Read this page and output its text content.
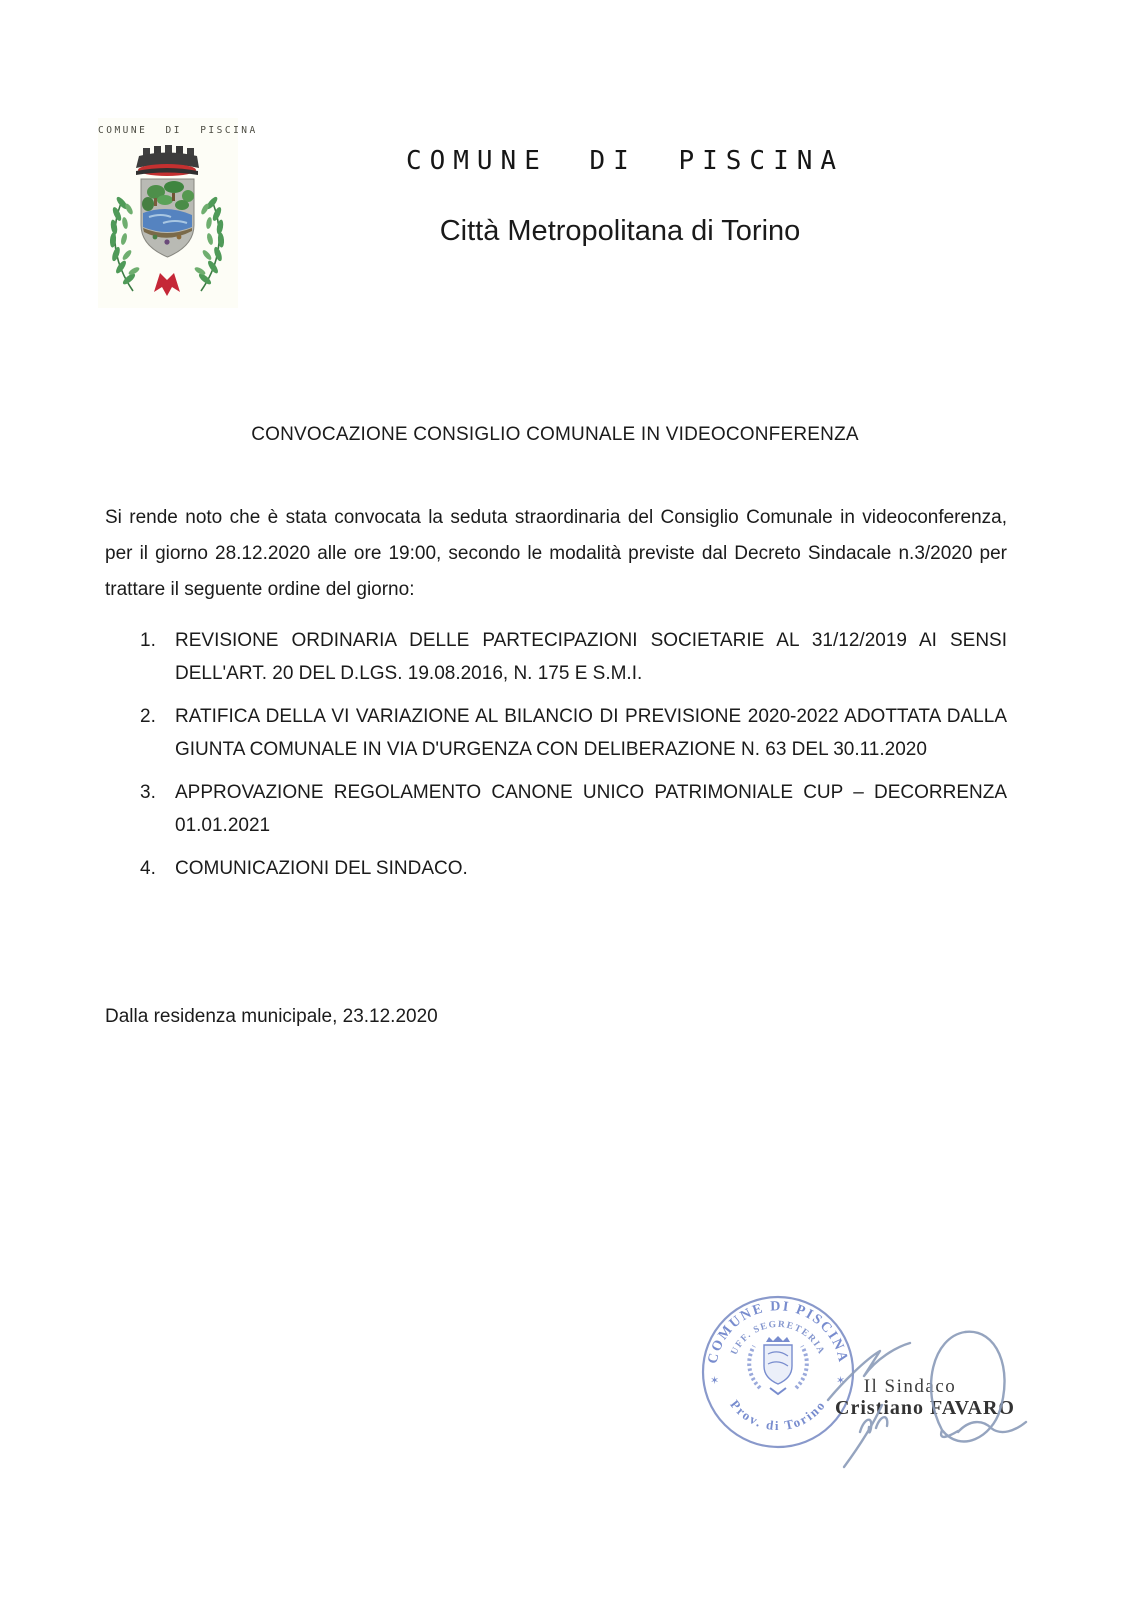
COMUNE DI PISCINA
COMUNE DI PISCINA
Città Metropolitana di Torino
CONVOCAZIONE CONSIGLIO COMUNALE IN VIDEOCONFERENZA
Si rende noto che è stata convocata la seduta straordinaria del Consiglio Comunale in videoconferenza, per il giorno 28.12.2020 alle ore 19:00, secondo le modalità previste dal Decreto Sindacale n.3/2020 per trattare il seguente ordine del giorno:
1.	REVISIONE ORDINARIA DELLE PARTECIPAZIONI SOCIETARIE AL 31/12/2019 AI SENSI DELL'ART. 20 DEL D.LGS. 19.08.2016, N. 175 E S.M.I.
2.	RATIFICA DELLA VI VARIAZIONE AL BILANCIO DI PREVISIONE 2020-2022 ADOTTATA DALLA GIUNTA COMUNALE IN VIA D'URGENZA CON DELIBERAZIONE N. 63 DEL 30.11.2020
3.	APPROVAZIONE REGOLAMENTO CANONE UNICO PATRIMONIALE CUP – DECORRENZA 01.01.2021
4.	COMUNICAZIONI DEL SINDACO.
Dalla residenza municipale, 23.12.2020
COMUNE DI PISCINA
UFF. SEGRETERIA
Prov. di Torino
✶	✶ Il Sindaco
Cristiano FAVARO
